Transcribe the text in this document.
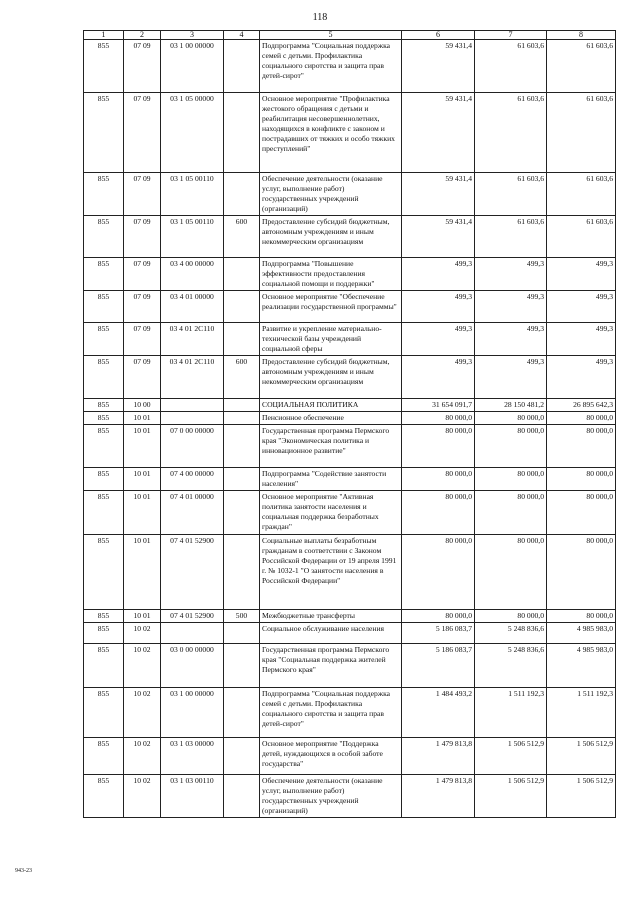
118
1	2	3	4	5	6	7	8
855	07 09	03 1 00 00000		Подпрограмма "Социальная поддержка семей с детьми. Профилактика социального сиротства и защита прав детей-сирот"	59 431,4	61 603,6	61 603,6
855	07 09	03 1 05 00000		Основное мероприятие "Профилактика жестокого обращения с детьми и реабилитация несовершеннолетних, находящихся в конфликте с законом и пострадавших от тяжких и особо тяжких преступлений"	59 431,4	61 603,6	61 603,6
855	07 09	03 1 05 00110		Обеспечение деятельности (оказание услуг, выполнение работ) государственных учреждений (организаций)	59 431,4	61 603,6	61 603,6
855	07 09	03 1 05 00110	600	Предоставление субсидий бюджетным, автономным учреждениям и иным некоммерческим организациям	59 431,4	61 603,6	61 603,6
855	07 09	03 4 00 00000		Подпрограмма "Повышение эффективности предоставления социальной помощи и поддержки"	499,3	499,3	499,3
855	07 09	03 4 01 00000		Основное мероприятие "Обеспечение реализации государственной программы"	499,3	499,3	499,3
855	07 09	03 4 01 2С110		Развитие и укрепление материально-технической базы учреждений социальной сферы	499,3	499,3	499,3
855	07 09	03 4 01 2С110	600	Предоставление субсидий бюджетным, автономным учреждениям и иным некоммерческим организациям	499,3	499,3	499,3
855	10 00			СОЦИАЛЬНАЯ ПОЛИТИКА	31 654 091,7	28 150 481,2	26 895 642,3
855	10 01			Пенсионное обеспечение	80 000,0	80 000,0	80 000,0
855	10 01	07 0 00 00000		Государственная программа Пермского края "Экономическая политика и инновационное развитие"	80 000,0	80 000,0	80 000,0
855	10 01	07 4 00 00000		Подпрограмма "Содействие занятости населения"	80 000,0	80 000,0	80 000,0
855	10 01	07 4 01 00000		Основное мероприятие "Активная политика занятости населения и социальная поддержка безработных граждан"	80 000,0	80 000,0	80 000,0
855	10 01	07 4 01 52900		Социальные выплаты безработным гражданам в соответствии с Законом Российской Федерации от 19 апреля 1991 г. № 1032-1 "О занятости населения в Российской Федерации"	80 000,0	80 000,0	80 000,0
855	10 01	07 4 01 52900	500	Межбюджетные трансферты	80 000,0	80 000,0	80 000,0
855	10 02			Социальное обслуживание населения	5 186 083,7	5 248 836,6	4 985 983,0
855	10 02	03 0 00 00000		Государственная программа Пермского края "Социальная поддержка жителей Пермского края"	5 186 083,7	5 248 836,6	4 985 983,0
855	10 02	03 1 00 00000		Подпрограмма "Социальная поддержка семей с детьми. Профилактика социального сиротства и защита прав детей-сирот"	1 484 493,2	1 511 192,3	1 511 192,3
855	10 02	03 1 03 00000		Основное мероприятие "Поддержка детей, нуждающихся в особой заботе государства"	1 479 813,8	1 506 512,9	1 506 512,9
855	10 02	03 1 03 00110		Обеспечение деятельности (оказание услуг, выполнение работ) государственных учреждений (организаций)	1 479 813,8	1 506 512,9	1 506 512,9
943-23
